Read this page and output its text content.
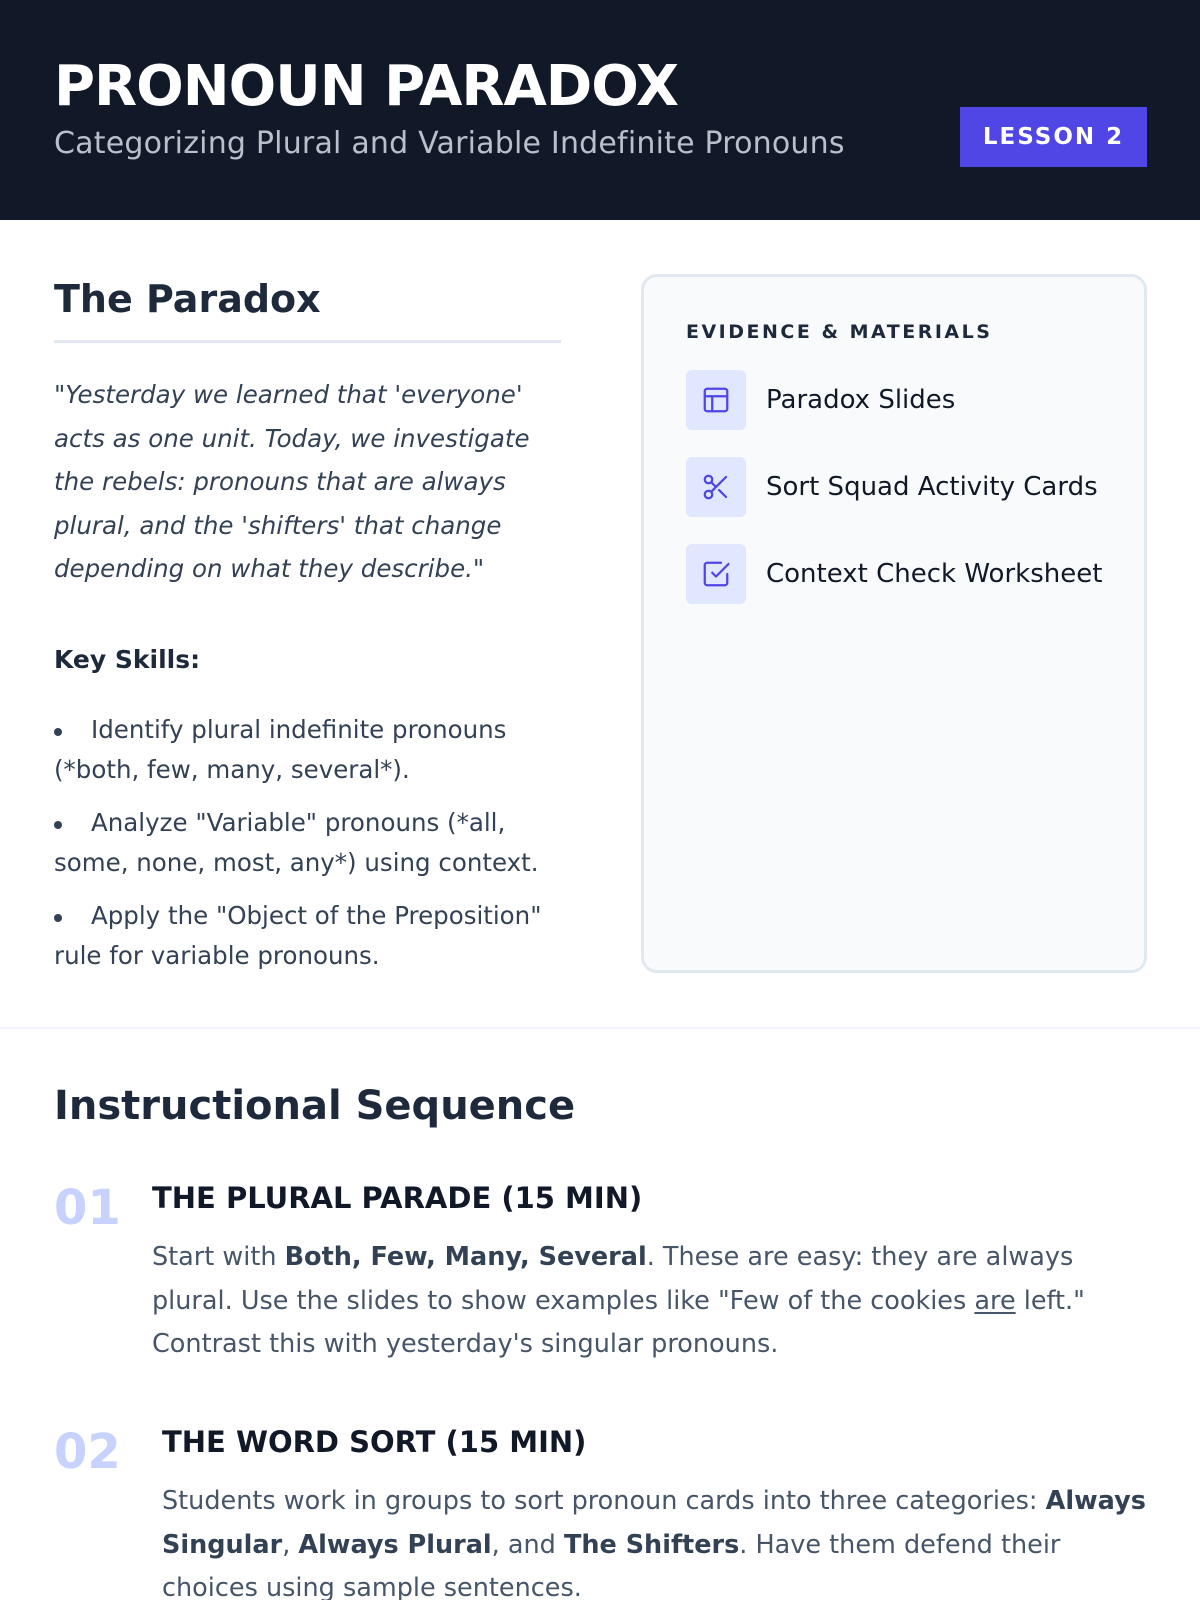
PRONOUN PARADOX
Categorizing Plural and Variable Indefinite Pronouns	LESSON 2
The Paradox
"Yesterday we learned that 'everyone' acts as one unit. Today, we investigate the rebels: pronouns that are always plural, and the 'shifters' that change depending on what they describe."
Key Skills:
Identify plural indefinite pronouns (*both, few, many, several*).
Analyze "Variable" pronouns (*all, some, none, most, any*) using context.
Apply the "Object of the Preposition" rule for variable pronouns.
EVIDENCE & MATERIALS
Paradox Slides
Sort Squad Activity Cards
Context Check Worksheet
Instructional Sequence
01 THE PLURAL PARADE (15 MIN)
Start with Both, Few, Many, Several. These are easy: they are always plural. Use the slides to show examples like "Few of the cookies are left." Contrast this with yesterday's singular pronouns.
02 THE WORD SORT (15 MIN)
Students work in groups to sort pronoun cards into three categories: Always Singular, Always Plural, and The Shifters. Have them defend their choices using sample sentences.
